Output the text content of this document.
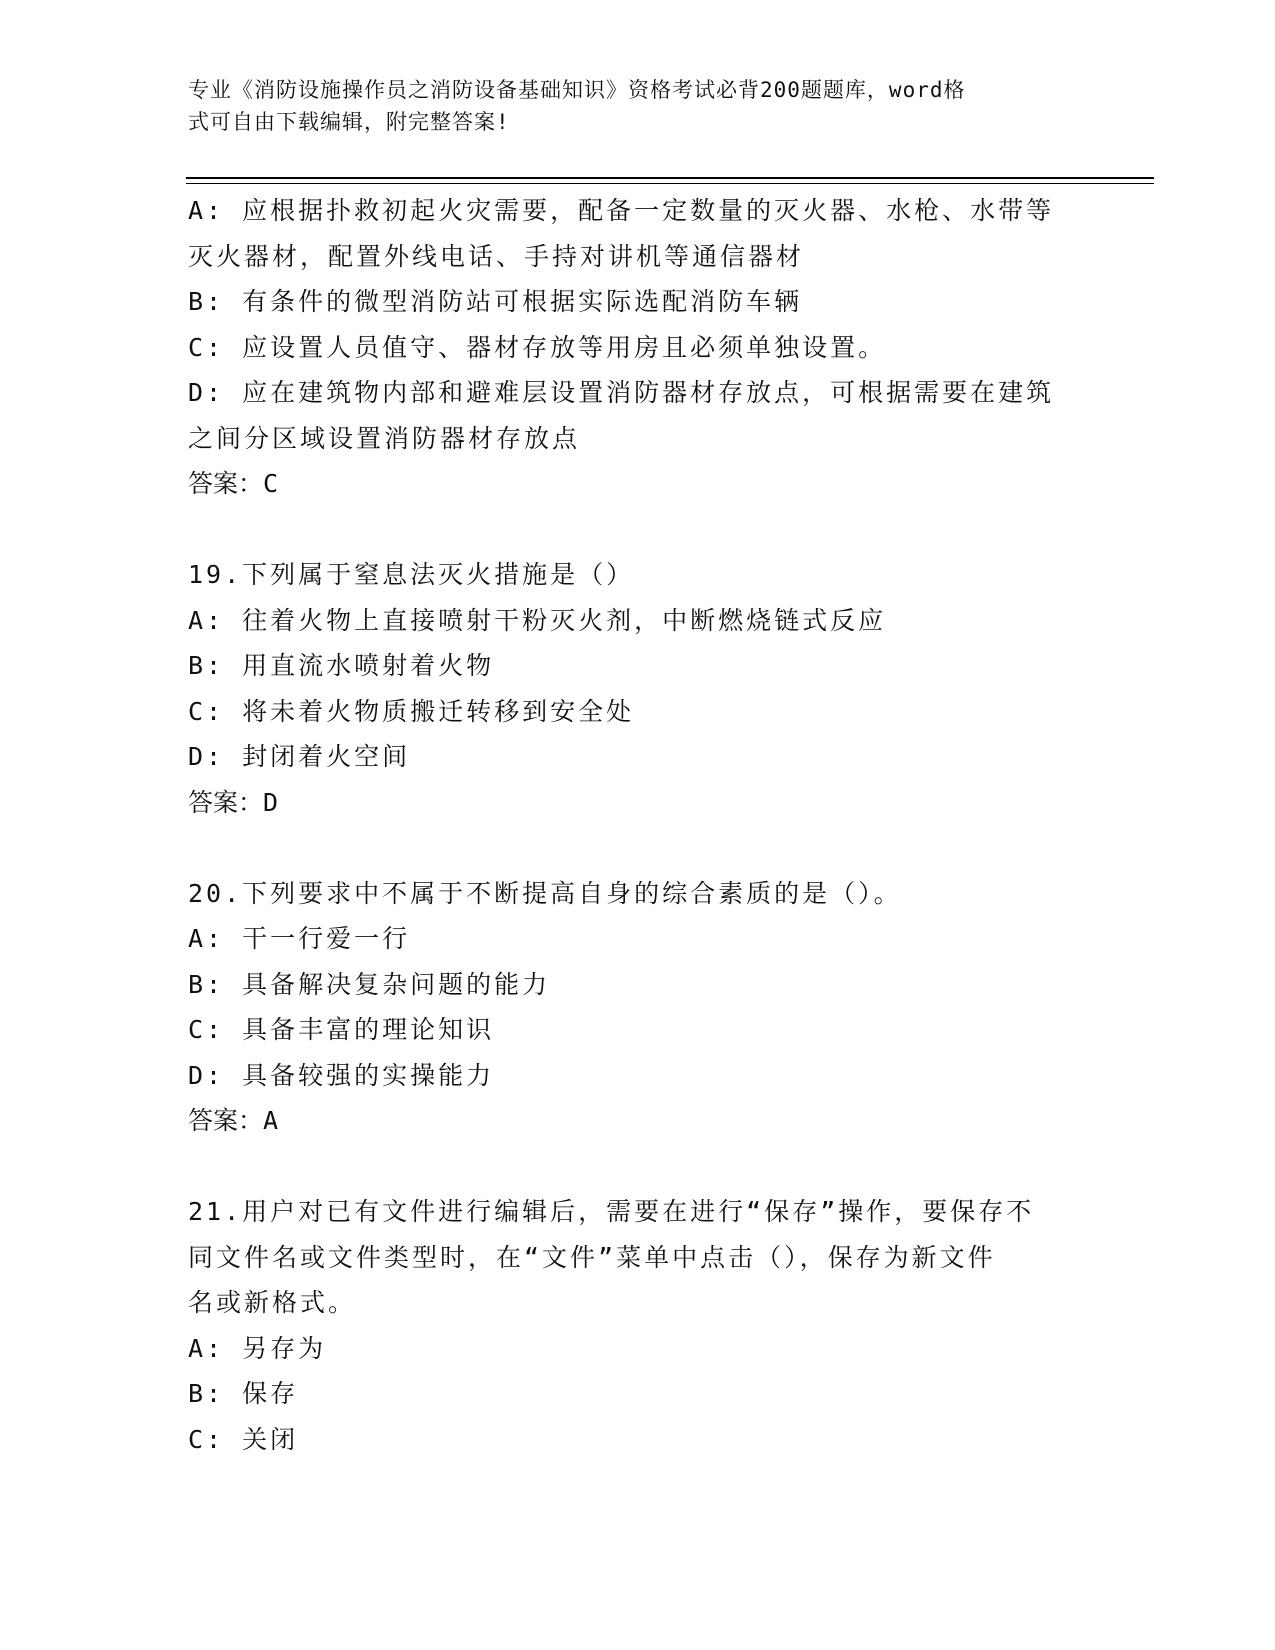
专业《消防设施操作员之消防设备基础知识》资格考试必背200题题库，word格
式可自由下载编辑，附完整答案!
A: 应根据扑救初起火灾需要，配备一定数量的灭火器、水枪、水带等
灭火器材，配置外线电话、手持对讲机等通信器材
B: 有条件的微型消防站可根据实际选配消防车辆
C: 应设置人员值守、器材存放等用房且必须单独设置。
D: 应在建筑物内部和避难层设置消防器材存放点，可根据需要在建筑
之间分区域设置消防器材存放点
答案：C
19.下列属于窒息法灭火措施是（）
A: 往着火物上直接喷射干粉灭火剂，中断燃烧链式反应
B: 用直流水喷射着火物
C: 将未着火物质搬迁转移到安全处
D: 封闭着火空间
答案：D
20.下列要求中不属于不断提高自身的综合素质的是（）。
A: 干一行爱一行
B: 具备解决复杂问题的能力
C: 具备丰富的理论知识
D: 具备较强的实操能力
答案：A
21.用户对已有文件进行编辑后，需要在进行“保存”操作，要保存不
同文件名或文件类型时，在“文件”菜单中点击（），保存为新文件
名或新格式。
A: 另存为
B: 保存
C: 关闭
